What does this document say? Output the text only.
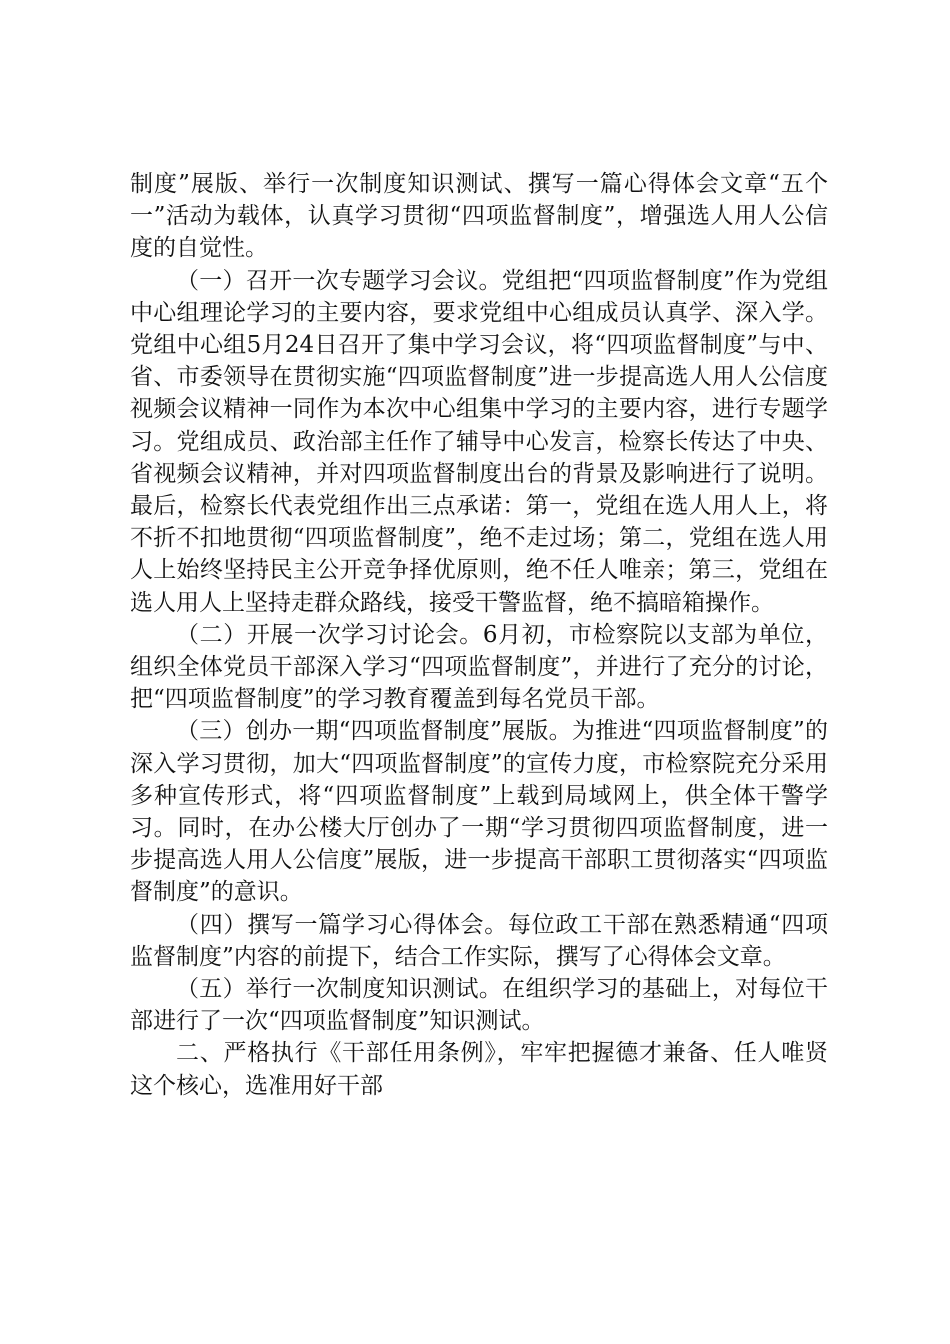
制度”展版、举行一次制度知识测试、撰写一篇心得体会文章“五个一”活动为载体，认真学习贯彻“四项监督制度”，增强选人用人公信度的自觉性。

（一）召开一次专题学习会议。党组把“四项监督制度”作为党组中心组理论学习的主要内容，要求党组中心组成员认真学、深入学。党组中心组5月24日召开了集中学习会议，将“四项监督制度”与中、省、市委领导在贯彻实施“四项监督制度”进一步提高选人用人公信度视频会议精神一同作为本次中心组集中学习的主要内容，进行专题学习。党组成员、政治部主任作了辅导中心发言，检察长传达了中央、省视频会议精神，并对四项监督制度出台的背景及影响进行了说明。最后，检察长代表党组作出三点承诺：第一，党组在选人用人上，将不折不扣地贯彻“四项监督制度”，绝不走过场；第二，党组在选人用人上始终坚持民主公开竞争择优原则，绝不任人唯亲；第三，党组在选人用人上坚持走群众路线，接受干警监督，绝不搞暗箱操作。

（二）开展一次学习讨论会。6月初，市检察院以支部为单位，组织全体党员干部深入学习“四项监督制度”，并进行了充分的讨论，把“四项监督制度”的学习教育覆盖到每名党员干部。

（三）创办一期“四项监督制度”展版。为推进“四项监督制度”的深入学习贯彻，加大“四项监督制度”的宣传力度，市检察院充分采用多种宣传形式，将“四项监督制度”上载到局域网上，供全体干警学习。同时，在办公楼大厅创办了一期“学习贯彻四项监督制度，进一步提高选人用人公信度”展版，进一步提高干部职工贯彻落实“四项监督制度”的意识。

（四）撰写一篇学习心得体会。每位政工干部在熟悉精通“四项监督制度”内容的前提下，结合工作实际，撰写了心得体会文章。

（五）举行一次制度知识测试。在组织学习的基础上，对每位干部进行了一次“四项监督制度”知识测试。

二、严格执行《干部任用条例》，牢牢把握德才兼备、任人唯贤这个核心，选准用好干部
